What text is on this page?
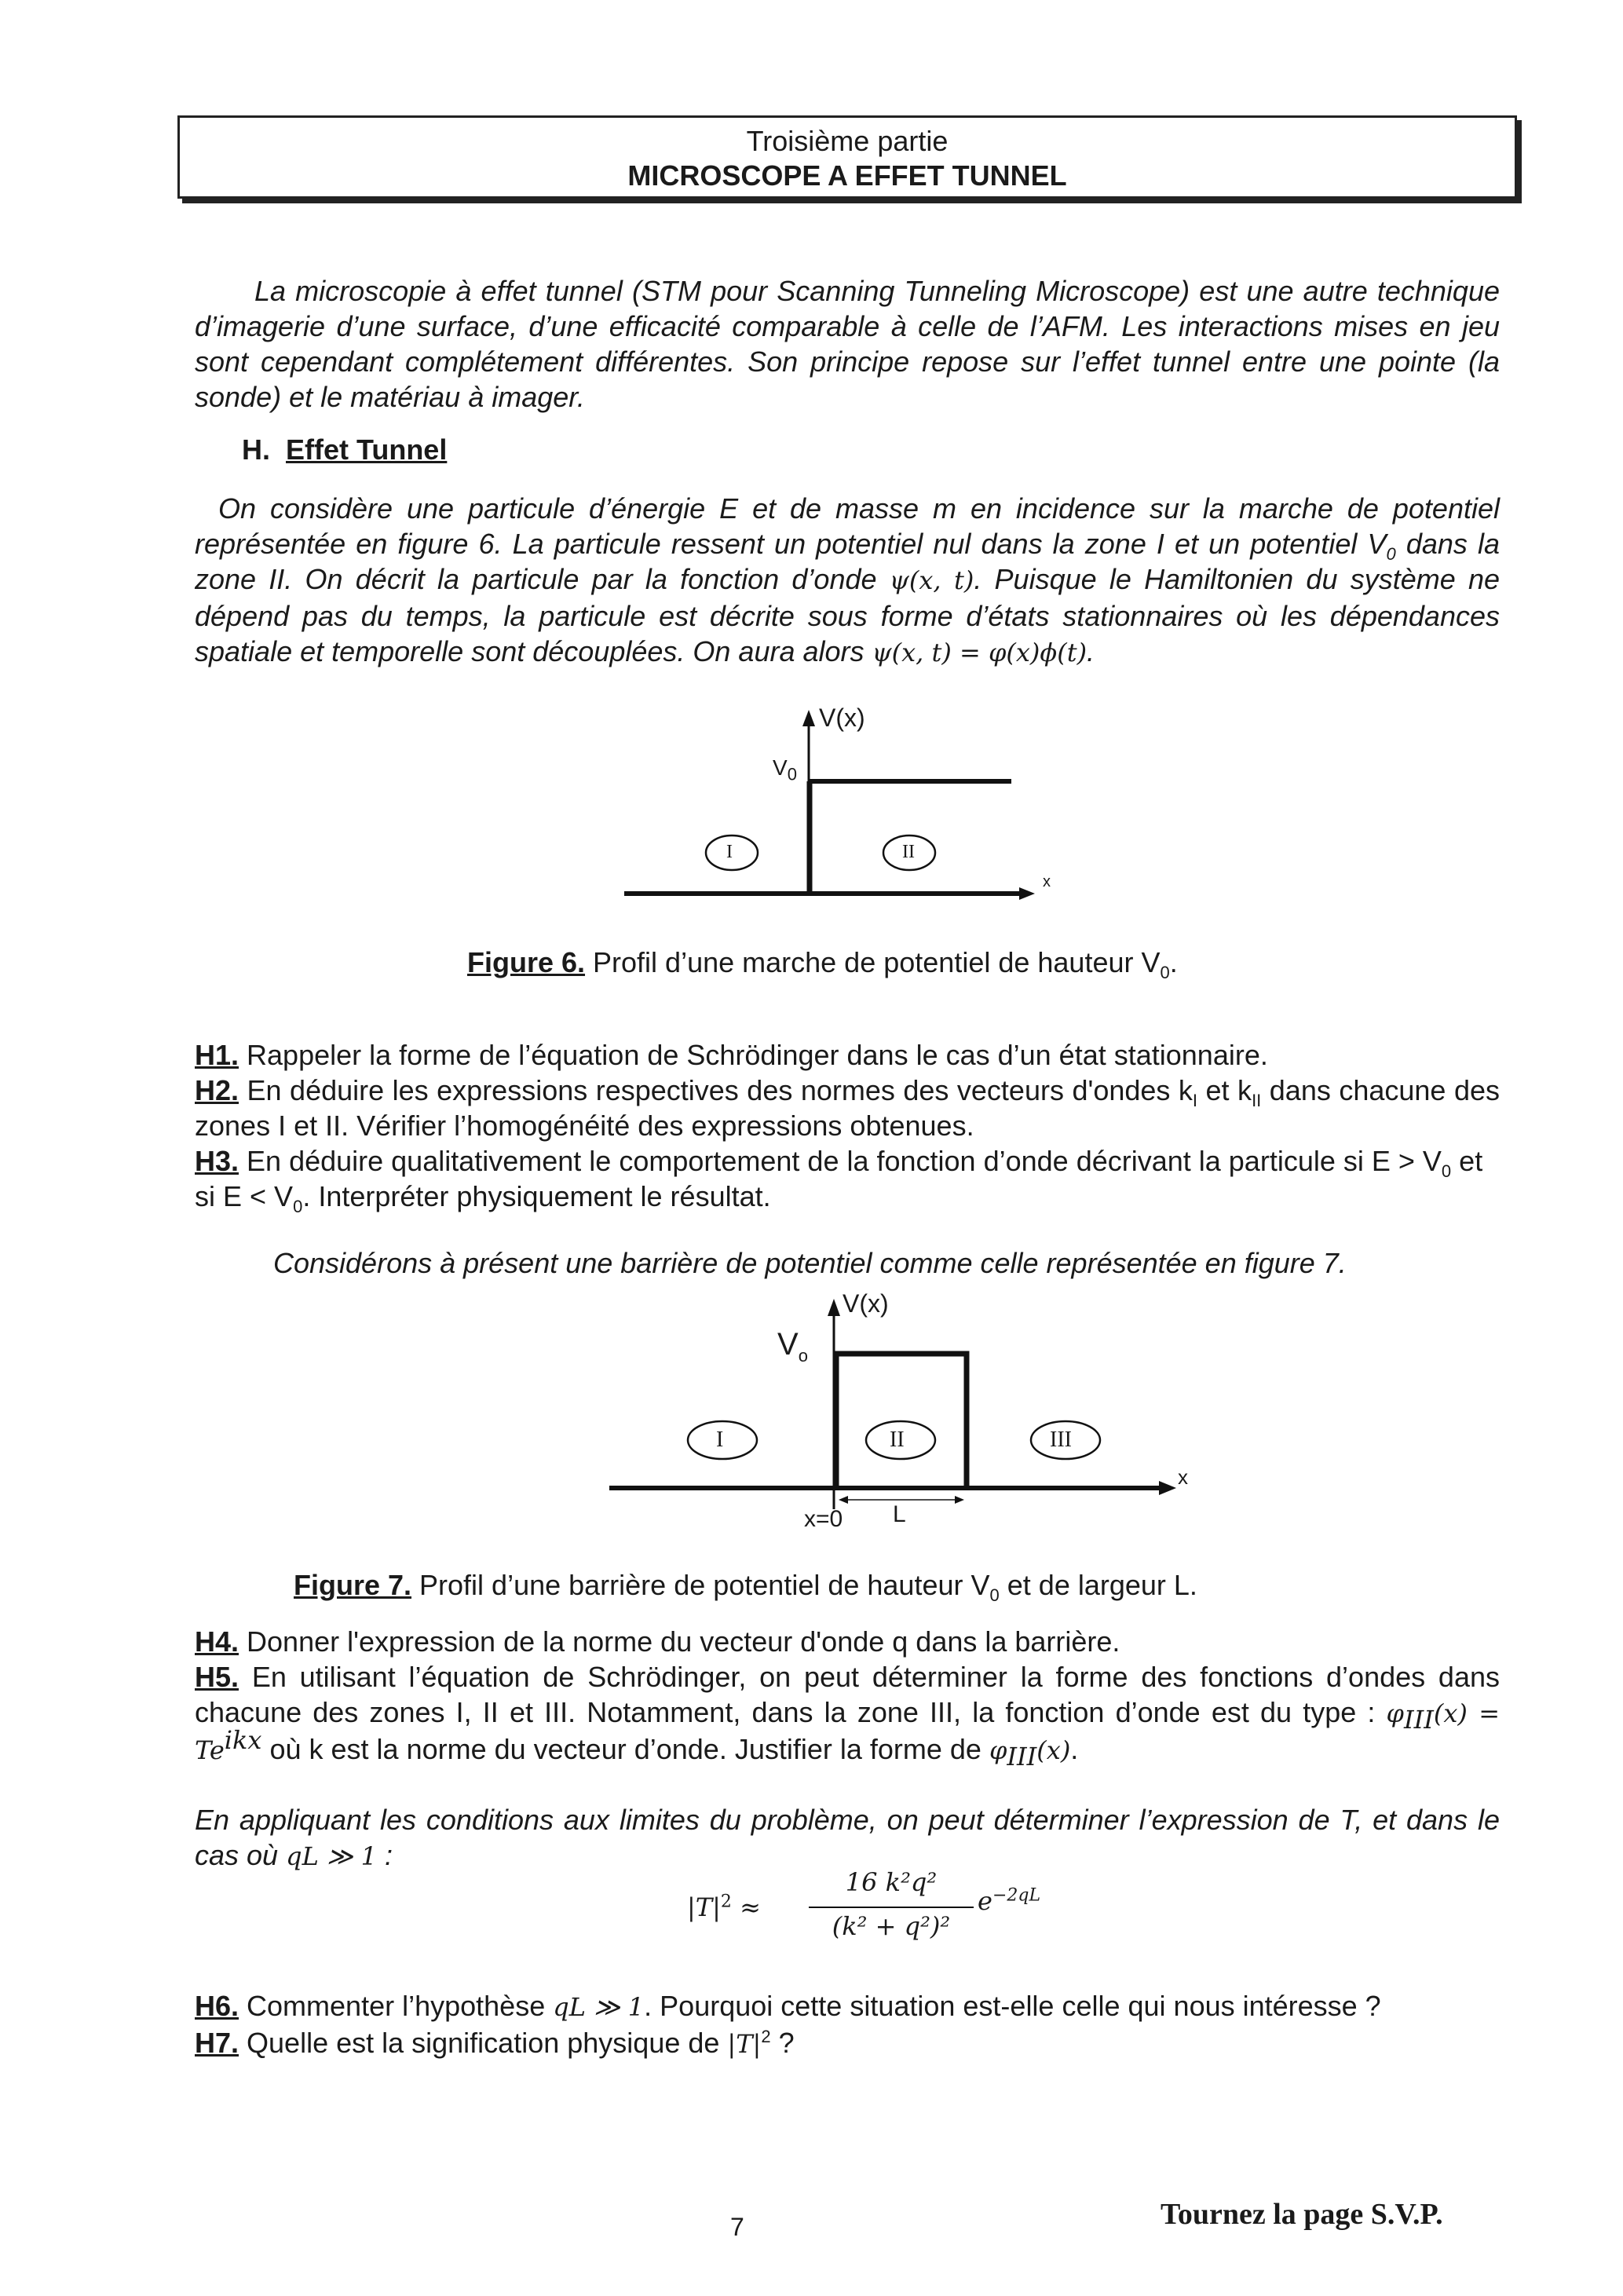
Troisième partie
MICROSCOPE A EFFET TUNNEL
La microscopie à effet tunnel (STM pour Scanning Tunneling Microscope) est une autre technique d’imagerie d’une surface, d’une efficacité comparable à celle de l’AFM. Les interactions mises en jeu sont cependant complétement différentes. Son principe repose sur l’effet tunnel entre une pointe (la sonde) et le matériau à imager.
H. Effet Tunnel
On considère une particule d’énergie E et de masse m en incidence sur la marche de potentiel représentée en figure 6. La particule ressent un potentiel nul dans la zone I et un potentiel $V_0$ dans la zone II. On décrit la particule par la fonction d’onde ψ(x, t). Puisque le Hamiltonien du système ne dépend pas du temps, la particule est décrite sous forme d’états stationnaires où les dépendances spatiale et temporelle sont découplées. On aura alors ψ(x, t) = φ(x)ϕ(t).
V(x)
$V_0$
x
I	II
Figure 6. Profil d’une marche de potentiel de hauteur $V_0$.
H1. Rappeler la forme de l’équation de Schrödinger dans le cas d’un état stationnaire.
H2. En déduire les expressions respectives des normes des vecteurs d'ondes $k_I$ et $k_{II}$ dans chacune des zones I et II. Vérifier l’homogénéité des expressions obtenues.
H3. En déduire qualitativement le comportement de la fonction d’onde décrivant la particule si $E > V_0$ et si $E < V_0$. Interpréter physiquement le résultat.
Considérons à présent une barrière de potentiel comme celle représentée en figure 7.
V(x)
$V_o$
x
x=0 L
I	II	III
Figure 7. Profil d’une barrière de potentiel de hauteur $V_0$ et de largeur L.
H4. Donner l'expression de la norme du vecteur d'onde q dans la barrière.
H5. En utilisant l’équation de Schrödinger, on peut déterminer la forme des fonctions d’ondes dans chacune des zones I, II et III. Notamment, dans la zone III, la fonction d’onde est du type : $\varphi_{III}(x) = Te^{ikx}$ où k est la norme du vecteur d’onde. Justifier la forme de $\varphi_{III}(x)$.
En appliquant les conditions aux limites du problème, on peut déterminer l’expression de T, et dans le cas où qL ≫ 1 :
$|T|^2$ ≈
16 k²q²
(k² + q²)²
$e^{-2qL}$
H6. Commenter l’hypothèse qL ≫ 1. Pourquoi cette situation est-elle celle qui nous intéresse ?
H7. Quelle est la signification physique de $|T|^2$ ?
7	Tournez la page S.V.P.
